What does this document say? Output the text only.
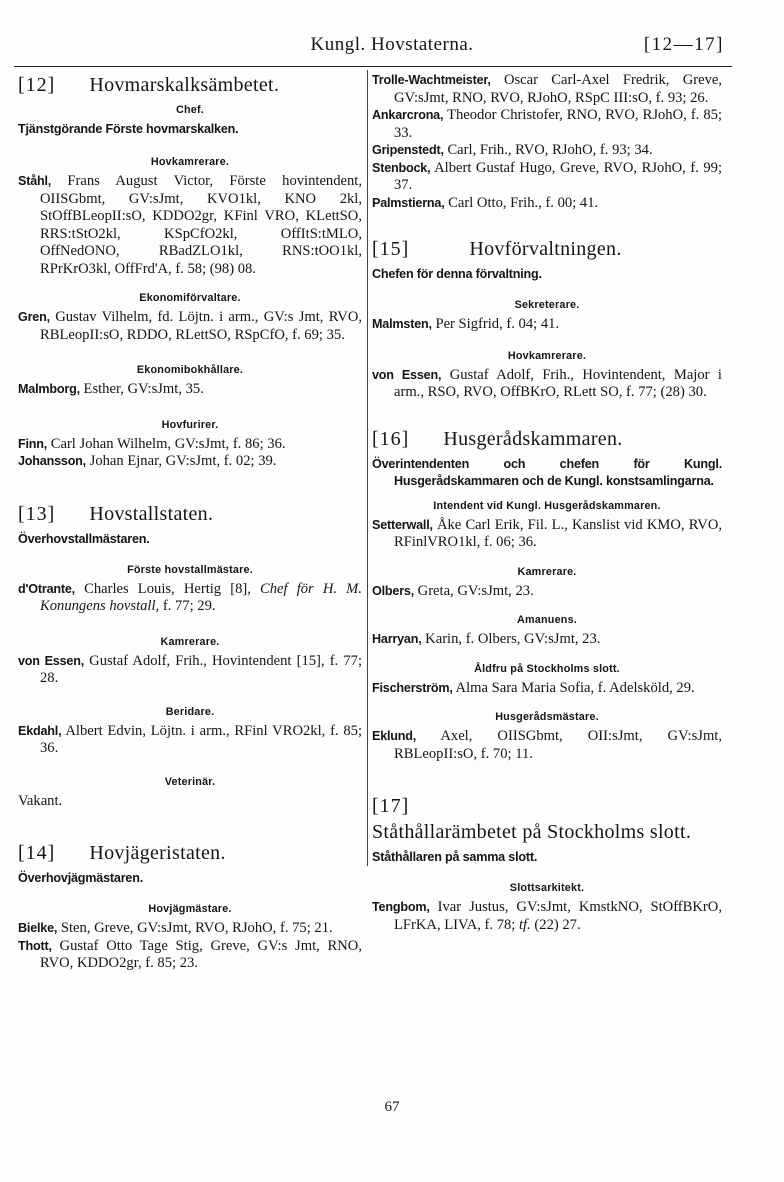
Kungl. Hovstaterna.	[12—17]
[12] Hovmarskalksämbetet.
Chef.
Tjänstgörande Förste hovmarskalken.
Hovkamrerare.

Ståhl, Frans August Victor, Förste hovintendent, OIISGbmt, GV:sJmt, KVO1kl, KNO 2kl, StOffBLeopII:sO, KDDO2gr, KFinl VRO, KLettSO, RRS:tStO2kl, KSpCfO2kl, OffItS:tMLO, OffNedONO, RBadZLO1kl, RNS:tOO1kl, RPrKrO3kl, OffFrd'A, f. 58; (98) 08.

Ekonomiförvaltare.

Gren, Gustav Vilhelm, fd. Löjtn. i arm., GV:s Jmt, RVO, RBLeopII:sO, RDDO, RLettSO, RSpCfO, f. 69; 35.

Ekonomibokhållare.

Malmborg, Esther, GV:sJmt, 35.

Hovfurirer.

Finn, Carl Johan Wilhelm, GV:sJmt, f. 86; 36.

Johansson, Johan Ejnar, GV:sJmt, f. 02; 39.

[13] Hovstallstaten.
Överhovstallmästaren.
Förste hovstallmästare.

d'Otrante, Charles Louis, Hertig [8], Chef för H. M. Konungens hovstall, f. 77; 29.

Kamrerare.

von Essen, Gustaf Adolf, Frih., Hovintendent [15], f. 77; 28.

Beridare.

Ekdahl, Albert Edvin, Löjtn. i arm., RFinl VRO2kl, f. 85; 36.

Veterinär.

Vakant.

[14] Hovjägeristaten.
Överhovjägmästaren.
Hovjägmästare.

Bielke, Sten, Greve, GV:sJmt, RVO, RJohO, f. 75; 21.

Thott, Gustaf Otto Tage Stig, Greve, GV:s Jmt, RNO, RVO, KDDO2gr, f. 85; 23.

Trolle-Wachtmeister, Oscar Carl-Axel Fredrik, Greve, GV:sJmt, RNO, RVO, RJohO, RSpC III:sO, f. 93; 26.

Ankarcrona, Theodor Christofer, RNO, RVO, RJohO, f. 85; 33.

Gripenstedt, Carl, Frih., RVO, RJohO, f. 93; 34.

Stenbock, Albert Gustaf Hugo, Greve, RVO, RJohO, f. 99; 37.

Palmstierna, Carl Otto, Frih., f. 00; 41.

[15]	Hovförvaltningen.
Chefen för denna förvaltning.
Sekreterare.

Malmsten, Per Sigfrid, f. 04; 41.

Hovkamrerare.

von Essen, Gustaf Adolf, Frih., Hovintendent, Major i arm., RSO, RVO, OffBKrO, RLett SO, f. 77; (28) 30.

[16] Husgerådskammaren.
Överintendenten och chefen för Kungl. Husgerådskammaren och de Kungl. konstsamlingarna.
Intendent vid Kungl. Husgerådskammaren.

Setterwall, Åke Carl Erik, Fil. L., Kanslist vid KMO, RVO, RFinlVRO1kl, f. 06; 36.

Kamrerare.

Olbers, Greta, GV:sJmt, 23.

Amanuens.

Harryan, Karin, f. Olbers, GV:sJmt, 23.

Åldfru på Stockholms slott.

Fischerström, Alma Sara Maria Sofia, f. Adelsköld, 29.

Husgerådsmästare.

Eklund, Axel, OIISGbmt, OII:sJmt, GV:sJmt, RBLeopII:sO, f. 70; 11.

[17]
Ståthållarämbetet på Stockholms slott.
Ståthållaren på samma slott.
Slottsarkitekt.

Tengbom, Ivar Justus, GV:sJmt, KmstkNO, StOffBKrO, LFrKA, LIVA, f. 78; tf. (22) 27.

67
